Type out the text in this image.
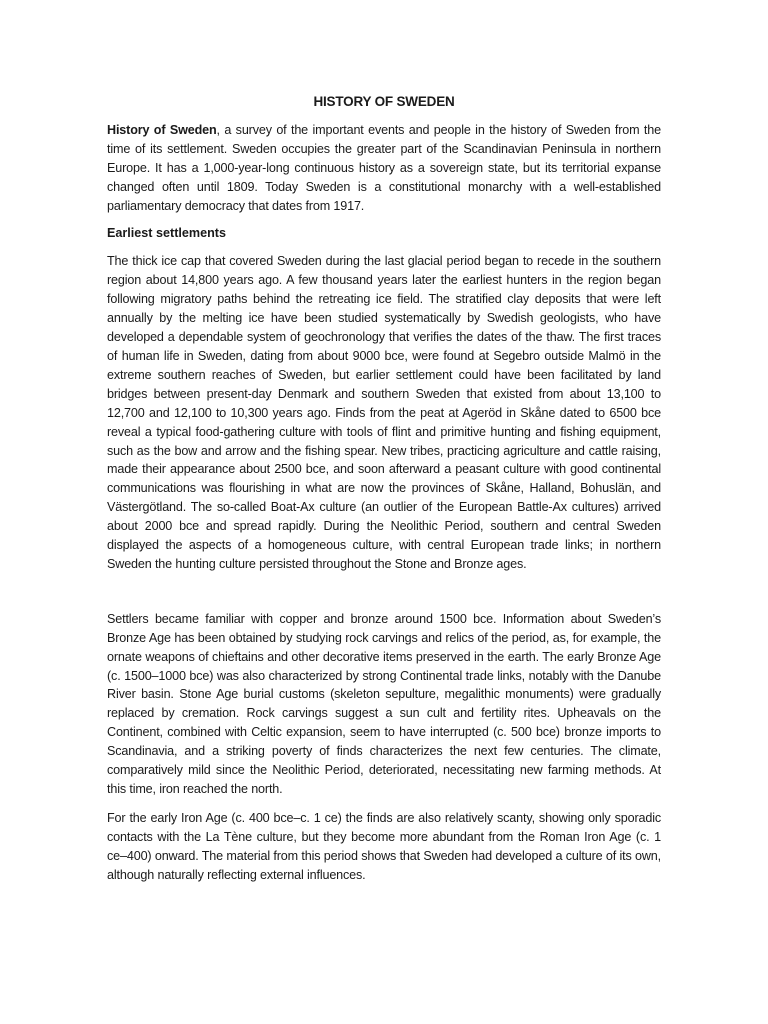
HISTORY OF SWEDEN

History of Sweden, a survey of the important events and people in the history of Sweden from the time of its settlement. Sweden occupies the greater part of the Scandinavian Peninsula in northern Europe. It has a 1,000-year-long continuous history as a sovereign state, but its territorial expanse changed often until 1809. Today Sweden is a constitutional monarchy with a well-established parliamentary democracy that dates from 1917.

Earliest settlements

The thick ice cap that covered Sweden during the last glacial period began to recede in the southern region about 14,800 years ago. A few thousand years later the earliest hunters in the region began following migratory paths behind the retreating ice field. The stratified clay deposits that were left annually by the melting ice have been studied systematically by Swedish geologists, who have developed a dependable system of geochronology that verifies the dates of the thaw. The first traces of human life in Sweden, dating from about 9000 bce, were found at Segebro outside Malmö in the extreme southern reaches of Sweden, but earlier settlement could have been facilitated by land bridges between present-day Denmark and southern Sweden that existed from about 13,100 to 12,700 and 12,100 to 10,300 years ago. Finds from the peat at Ageröd in Skåne dated to 6500 bce reveal a typical food-gathering culture with tools of flint and primitive hunting and fishing equipment, such as the bow and arrow and the fishing spear. New tribes, practicing agriculture and cattle raising, made their appearance about 2500 bce, and soon afterward a peasant culture with good continental communications was flourishing in what are now the provinces of Skåne, Halland, Bohuslän, and Västergötland. The so-called Boat-Ax culture (an outlier of the European Battle-Ax cultures) arrived about 2000 bce and spread rapidly. During the Neolithic Period, southern and central Sweden displayed the aspects of a homogeneous culture, with central European trade links; in northern Sweden the hunting culture persisted throughout the Stone and Bronze ages.

Settlers became familiar with copper and bronze around 1500 bce. Information about Sweden’s Bronze Age has been obtained by studying rock carvings and relics of the period, as, for example, the ornate weapons of chieftains and other decorative items preserved in the earth. The early Bronze Age (c. 1500–1000 bce) was also characterized by strong Continental trade links, notably with the Danube River basin. Stone Age burial customs (skeleton sepulture, megalithic monuments) were gradually replaced by cremation. Rock carvings suggest a sun cult and fertility rites. Upheavals on the Continent, combined with Celtic expansion, seem to have interrupted (c. 500 bce) bronze imports to Scandinavia, and a striking poverty of finds characterizes the next few centuries. The climate, comparatively mild since the Neolithic Period, deteriorated, necessitating new farming methods. At this time, iron reached the north.

For the early Iron Age (c. 400 bce–c. 1 ce) the finds are also relatively scanty, showing only sporadic contacts with the La Tène culture, but they become more abundant from the Roman Iron Age (c. 1 ce–400) onward. The material from this period shows that Sweden had developed a culture of its own, although naturally reflecting external influences.
